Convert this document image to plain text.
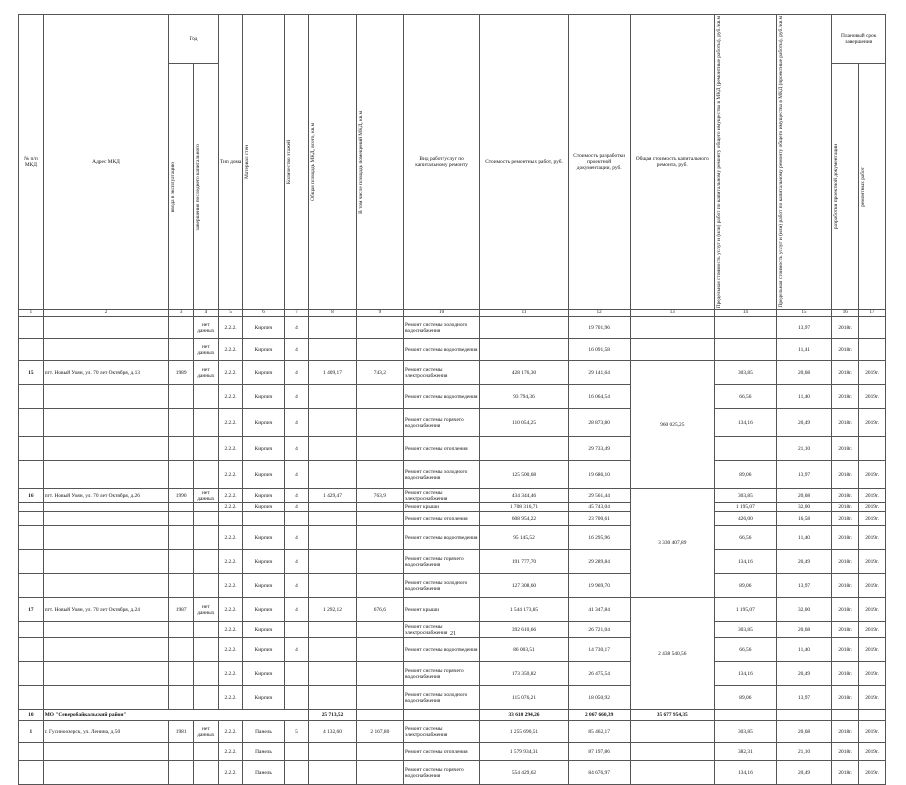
№ п/п МКД	Адрес МКД	Год		Тип дома	Материал стен	Количество этажей	Общая площадь МКД, всего, кв.м	В том числе площадь помещений МКД, кв.м	Вид работ/услуг по капитальному ремонту	Стоимость ремонтных работ, руб.	Стоимость разработки проектной документации, руб.	Общая стоимость капитального ремонта, руб.	Предельная стоимость услуг и (или) работ по капитальному ремонту общего имущества в МКД (ремонтные работы), руб./кв.м	Предельная стоимость услуг и (или) работ по капитальному ремонту общего имущества в МКД (проектные работы), руб./кв.м	Плановый срок завершения	

		ввода в эксплуатацию	завершения последнего капитального												разработки проектной документации	ремонтных работ

1	2	3	4	5	6	7	8	9	10	11	12	13	14	15	16	17
			нет данных	2.2.2.	Кирпич	4			Ремонт системы холодного водоснабжения		19 701,96			13,97	2018г.	
			нет данных	2.2.2.	Кирпич	4			Ремонт системы водоотведения		16 091,58			11,41	2018г.	
15	пгт. Новый Уоян, ул. 70 лет Октября, д.13	1989	нет данных	2.2.2.	Кирпич	4	1 409,17	743,2	Ремонт системы электроснабжения	428 176,30	29 141,64	960 025,25	303,85	20,68	2018г.	2019г.
				2.2.2.	Кирпич	4			Ремонт системы водоотведения	93 794,36	16 064,54		66,56	11,40	2018г.	2019г.
				2.2.2.	Кирпич	4			Ремонт системы горячего водоснабжения	110 054,25	28 873,80		134,16	20,49	2018г.	2019г.
				2.2.2.	Кирпич	4			Ремонт системы отопления		29 733,49			21,10	2018г.	
				2.2.2.	Кирпич	4			Ремонт системы холодного водоснабжения	125 500,68	19 686,10		89,06	13,97	2018г.	2019г.
16	пгт. Новый Уоян, ул. 70 лет Октября, д.26	1990	нет данных	2.2.2.	Кирпич	4	1 429,47	763,9	Ремонт системы электроснабжения	434 344,46	29 561,44	3 330 407,89	303,85	20,68	2018г.	2019г.
				2.2.2.	Кирпич	4			Ремонт крыши	1 708 316,71	45 743,04		1 195,07	32,00	2018г.	2019г.
									Ремонт системы отопления	608 954,22	23 700,61		426,00	16,58	2018г.	2019г.
				2.2.2.	Кирпич	4			Ремонт системы водоотведения	95 145,52	16 295,96		66,56	11,40	2018г.	2019г.
				2.2.2.	Кирпич	4			Ремонт системы горячего водоснабжения	191 777,70	29 289,84		134,16	20,49	2018г.	2019г.
				2.2.2.	Кирпич	4			Ремонт системы холодного водоснабжения	127 308,60	19 969,70		89,06	13,97	2018г.	2019г.
17	пгт. Новый Уоян, ул. 70 лет Октября, д.24	1987	нет данных	2.2.2.	Кирпич	4	1 292,12	676,6	Ремонт крыши	1 544 173,85	41 347,84	2 438 540,56	1 195,07	32,00	2018г.	2019г.
				2.2.2.	Кирпич				Ремонт системы электроснабжения	392 610,66	26 721,04		303,85	20,68	2018г.	2019г.
				2.2.2.	Кирпич	4			Ремонт системы водоотведения	86 003,51	14 730,17		66,56	11,40	2018г.	2019г.
				2.2.2.	Кирпич				Ремонт системы горячего водоснабжения	173 350,82	26 475,54		134,16	20,49	2018г.	2019г.
				2.2.2.	Кирпич				Ремонт системы холодного водоснабжения	115 076,21	18 050,92		89,06	13,97	2018г.	2019г.
10	МО "Северобайкальский район"						25 713,52			33 610 294,26	2 067 660,39	35 677 954,35				
1	г. Гусиноозерск, ул. Ленина, д.50	1981	нет данных	2.2.2.	Панель	5	4 132,60	2 167,80	Ремонт системы электроснабжения	1 255 690,51	85 462,17		303,85	20,68	2018г.	2019г.
				2.2.2.	Панель				Ремонт системы отопления	1 579 934,31	87 197,86		382,31	21,10	2018г.	2019г.
				2.2.2.	Панель				Ремонт системы горячего водоснабжения	554 429,62	84 676,97		134,16	20,49	2018г.	2019г.
21
